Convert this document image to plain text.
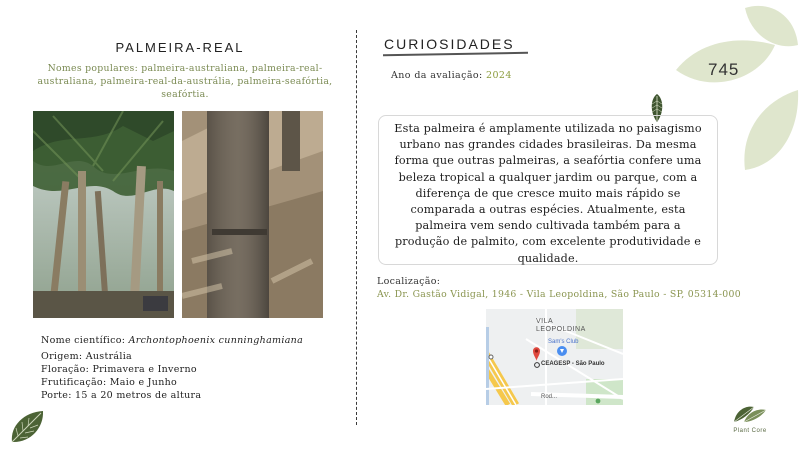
PALMEIRA-REAL
Nomes populares: palmeira-australiana, palmeira-real-australiana, palmeira-real-da-austrália, palmeira-seafórtia, seafórtia.
Nome científico: Archontophoenix cunninghamiana
Origem: Austrália
Floração: Primavera e Inverno
Frutificação: Maio e Junho
Porte: 15 a 20 metros de altura
CURIOSIDADES
Ano da avaliação: 2024	745
Esta palmeira é amplamente utilizada no paisagismo urbano nas grandes cidades brasileiras. Da mesma forma que outras palmeiras, a seafórtia confere uma beleza tropical a qualquer jardim ou parque, com a diferença de que cresce muito mais rápido se comparada a outras espécies. Atualmente, esta palmeira vem sendo cultivada também para a produção de palmito, com excelente produtividade e qualidade.
Localização:
Av. Dr. Gastão Vidigal, 1946 - Vila Leopoldina, São Paulo - SP, 05314-000
VILA
LEOPOLDINA
Sam's Club
CEAGESP - São Paulo
Rod...
Plant Core
